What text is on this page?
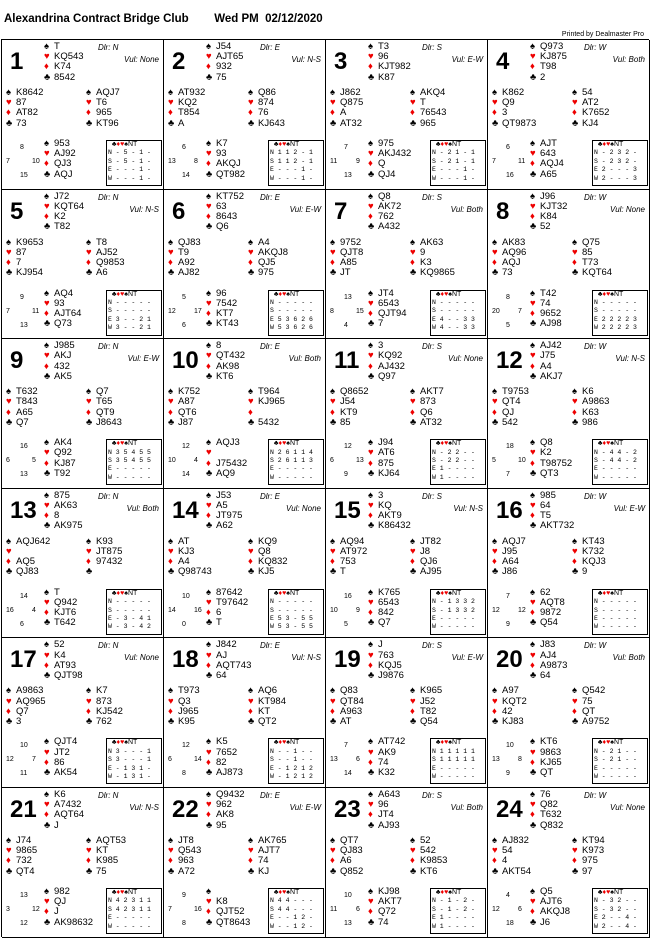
Alexandrina Contract Bridge Club        Wed PM  02/12/2020
Printed by Dealmaster Pro
1
Dlr: N
Vul: None
♠ T
♥ KQ543
♦ K74
♣ 8542
♠ K8642
♥ 87
♦ AT82
♣ 73
♠ AQJ7
♥ T6
♦ 965
♣ KT96
♠ 953
♥ AJ92
♦ QJ3
♣ AQJ
8
7	10
15
♣♦♥♠NT
N - 5 - 1 -
S - 5 - 1 -
E - - - 1 -
W - - - 1 -
2
Dlr: E
Vul: N-S
♠ J54
♥ AJT65
♦ 932
♣ 75
♠ AT932
♥ KQ2
♦ T854
♣ A
♠ Q86
♥ 874
♦ 76
♣ KJ643
♠ K7
♥ 93
♦ AKQJ
♣ QT982
6
13	8
14
♣♦♥♠NT
N 1 1 2 - 1
S 1 1 2 - 1
E - - - 1 -
W - - - 1 -
3
Dlr: S
Vul: E-W
♠ T3
♥ 96
♦ KJT982
♣ K87
♠ J862
♥ Q875
♦ A
♣ AT32
♠ AKQ4
♥ T
♦ 76543
♣ 965
♠ 975
♥ AKJ432
♦ Q
♣ QJ4
7
11	9
13
♣♦♥♠NT
N - 2 1 - 1
S - 2 1 - 1
E - - - 1 -
W - - - 1 -
4
Dlr: W
Vul: Both
♠ Q973
♥ KJ875
♦ T98
♣ 2
♠ K862
♥ Q9
♦ 3
♣ QT9873
♠ 54
♥ AT2
♦ K7652
♣ KJ4
♠ AJT
♥ 643
♦ AQJ4
♣ A65
6
7	11
16
♣♦♥♠NT
N - 2 3 2 -
S - 2 3 2 -
E 2 - - - 3
W 2 - - - 3
5
Dlr: N
Vul: N-S
♠ J72
♥ KQT64
♦ K2
♣ T82
♠ K9653
♥ 87
♦ 7
♣ KJ954
♠ T8
♥ AJ52
♦ Q9853
♣ A6
♠ AQ4
♥ 93
♦ AJT64
♣ Q73
9
7	11
13
♣♦♥♠NT
N - - - - -
S - - - - -
E 3 - - 2 1
W 3 - - 2 1
6
Dlr: E
Vul: E-W
♠ KT752
♥ 63
♦ 8643
♣ Q6
♠ QJ83
♥ T9
♦ A92
♣ AJ82
♠ A4
♥ AKQJ8
♦ QJ5
♣ 975
♠ 96
♥ 7542
♦ KT7
♣ KT43
5
12	17
6
♣♦♥♠NT
N - - - - -
S - - - - -
E 5 3 6 2 6
W 5 3 6 2 6
7
Dlr: S
Vul: Both
♠ Q8
♥ AK72
♦ 762
♣ A432
♠ 9752
♥ QJT8
♦ A85
♣ JT
♠ AK63
♥ 9
♦ K3
♣ KQ9865
♠ JT4
♥ 6543
♦ QJT94
♣ 7
13
8	15
4
♣♦♥♠NT
N - - - - -
S - - - - -
E 4 - - 3 3
W 4 - - 3 3
8
Dlr: W
Vul: None
♠ J96
♥ KJT32
♦ K84
♣ 52
♠ AK83
♥ AQ96
♦ AQJ
♣ 73
♠ Q75
♥ 85
♦ T73
♣ KQT64
♠ T42
♥ 74
♦ 9652
♣ AJ98
8
20	7
5
♣♦♥♠NT
N - - - - -
S - - - - -
E 2 2 2 2 3
W 2 2 2 2 3
9
Dlr: N
Vul: E-W
♠ J985
♥ AKJ
♦ 432
♣ AK5
♠ T632
♥ T843
♦ A65
♣ Q7
♠ Q7
♥ T65
♦ QT9
♣ J8643
♠ AK4
♥ Q92
♦ KJ87
♣ T92
16
6	5
13
♣♦♥♠NT
N 3 5 4 5 5
S 3 5 4 5 5
E - - - - -
W - - - - -
10
Dlr: E
Vul: Both
♠ 8
♥ QT432
♦ AK98
♣ KT6
♠ K752
♥ A87
♦ QT6
♣ J87
♠ T964
♥ KJ965
♦
♣ 5432
♠ AQJ3
♥
♦ J75432
♣ AQ9
12
10	4
14
♣♦♥♠NT
N 2 6 1 1 4
S 2 6 1 1 3
E - - - - -
W - - - - -
11
Dlr: S
Vul: None
♠ 3
♥ KQ92
♦ AJ432
♣ Q97
♠ Q8652
♥ J54
♦ KT9
♣ 85
♠ AKT7
♥ 873
♦ Q6
♣ AT32
♠ J94
♥ AT6
♦ 875
♣ KJ64
12
6	13
9
♣♦♥♠NT
N - 2 2 - -
S - 2 2 - -
E 1 - - - -
W 1 - - - -
12
Dlr: W
Vul: N-S
♠ AJ42
♥ J75
♦ A4
♣ AKJ7
♠ T9753
♥ QT4
♦ QJ
♣ 542
♠ K6
♥ A9863
♦ K63
♣ 986
♠ Q8
♥ K2
♦ T98752
♣ QT3
18
5	10
7
♣♦♥♠NT
N - 4 4 - 2
S - 4 4 - 2
E - - - - -
W - - - - -
13
Dlr: N
Vul: Both
♠ 875
♥ AK63
♦ 8
♣ AK975
♠ AQJ642
♥
♦ AQ5
♣ QJ83
♠ K93
♥ JT875
♦ 97432
♣
♠ T
♥ Q942
♦ KJT6
♣ T642
14
16	4
6
♣♦♥♠NT
N - - - - -
S - - - - -
E - 3 - 4 1
W - 3 - 4 2
14
Dlr: E
Vul: None
♠ J53
♥ A5
♦ JT975
♣ A62
♠ AT
♥ KJ3
♦ A4
♣ Q98743
♠ KQ9
♥ Q8
♦ KQ832
♣ KJ5
♠ 87642
♥ T97642
♦ 6
♣ T
10
14	16
0
♣♦♥♠NT
N - - - - -
S - - - - -
E 5 3 - 5 5
W 5 3 - 5 5
15
Dlr: S
Vul: N-S
♠ 3
♥ KQ
♦ AKT9
♣ K86432
♠ AQ94
♥ AT972
♦ 753
♣ T
♠ JT82
♥ J8
♦ QJ6
♣ AJ95
♠ K765
♥ 6543
♦ 842
♣ Q7
16
10	9
5
♣♦♥♠NT
N - 1 3 3 2
S - 1 3 3 2
E - - - - -
W - - - - -
16
Dlr: W
Vul: E-W
♠ 985
♥ 64
♦ T5
♣ AKT732
♠ AQJ7
♥ J95
♦ A64
♣ J86
♠ KT43
♥ K732
♦ KQJ3
♣ 9
♠ 62
♥ AQT8
♦ 9872
♣ Q54
7
12	12
9
♣♦♥♠NT
N - - - - -
S - - - - -
E - - - - -
W - - - - -
17
Dlr: N
Vul: None
♠ 52
♥ K4
♦ AT93
♣ QJT98
♠ A9863
♥ AQ965
♦ Q7
♣ 3
♠ K7
♥ 873
♦ KJ542
♣ 762
♠ QJT4
♥ JT2
♦ 86
♣ AK54
10
12	7
11
♣♦♥♠NT
N 3 - - - 1
S 3 - - - 1
E - 1 3 1 -
W - 1 3 1 -
18
Dlr: E
Vul: N-S
♠ J842
♥ AJ
♦ AQT743
♣ 64
♠ T973
♥ Q3
♦ J965
♣ K95
♠ AQ6
♥ KT984
♦ KT
♣ QT2
♠ K5
♥ 7652
♦ 82
♣ AJ873
12
6	14
8
♣♦♥♠NT
N - - 1 - -
S - - 1 - -
E - 1 2 1 2
W - 1 2 1 2
19
Dlr: S
Vul: E-W
♠ J
♥ 763
♦ KQJ5
♣ J9876
♠ Q83
♥ QT84
♦ A963
♣ AT
♠ K965
♥ J52
♦ T82
♣ Q54
♠ AT742
♥ AK9
♦ 74
♣ K32
7
13	6
14
♣♦♥♠NT
N 1 1 1 1 1
S 1 1 1 1 1
E - - - - -
W - - - - -
20
Dlr: W
Vul: Both
♠ J83
♥ AJ4
♦ A9873
♣ 64
♠ A97
♥ KQT2
♦ 42
♣ KJ83
♠ Q542
♥ 75
♦ QT
♣ A9752
♠ KT6
♥ 9863
♦ KJ65
♣ QT
10
13	8
9
♣♦♥♠NT
N - 2 1 - -
S - 2 1 - -
E - - - - -
W - - - - -
21
Dlr: N
Vul: N-S
♠ K6
♥ A7432
♦ AQT64
♣ J
♠ J74
♥ 9865
♦ 732
♣ QT4
♠ AQT53
♥ KT
♦ K985
♣ 75
♠ 982
♥ QJ
♦ J
♣ AK98632
13
3	12
12
♣♦♥♠NT
N 4 2 3 1 1
S 4 2 3 1 1
E - - - - -
W - - - - -
22
Dlr: E
Vul: E-W
♠ Q9432
♥ 962
♦ AK8
♣ 95
♠ JT8
♥ Q543
♦ 963
♣ A72
♠ AK765
♥ AJT7
♦ 74
♣ KJ
♠
♥ K8
♦ QJT52
♣ QT8643
9
7	16
8
♣♦♥♠NT
N 4 4 - - -
S 4 4 - - -
E - - 1 2 -
W - - 1 2 -
23
Dlr: S
Vul: Both
♠ A643
♥ 96
♦ JT4
♣ AJ93
♠ QT7
♥ QJ83
♦ A6
♣ Q852
♠ 52
♥ 542
♦ K9853
♣ KT6
♠ KJ98
♥ AKT7
♦ Q72
♣ 74
10
11	6
13
♣♦♥♠NT
N - 1 - 2 -
S - 1 - 2 -
E 1 - - - -
W 1 - - - -
24
Dlr: W
Vul: None
♠ 76
♥ Q82
♦ T632
♣ Q832
♠ AJ832
♥ 54
♦ 4
♣ AKT54
♠ KT94
♥ K973
♦ 975
♣ 97
♠ Q5
♥ AJT6
♦ AKQJ8
♣ J6
4
12	6
18
♣♦♥♠NT
N - 3 2 - -
S - 3 2 - -
E 2 - - 4 -
W 2 - - 4 -
